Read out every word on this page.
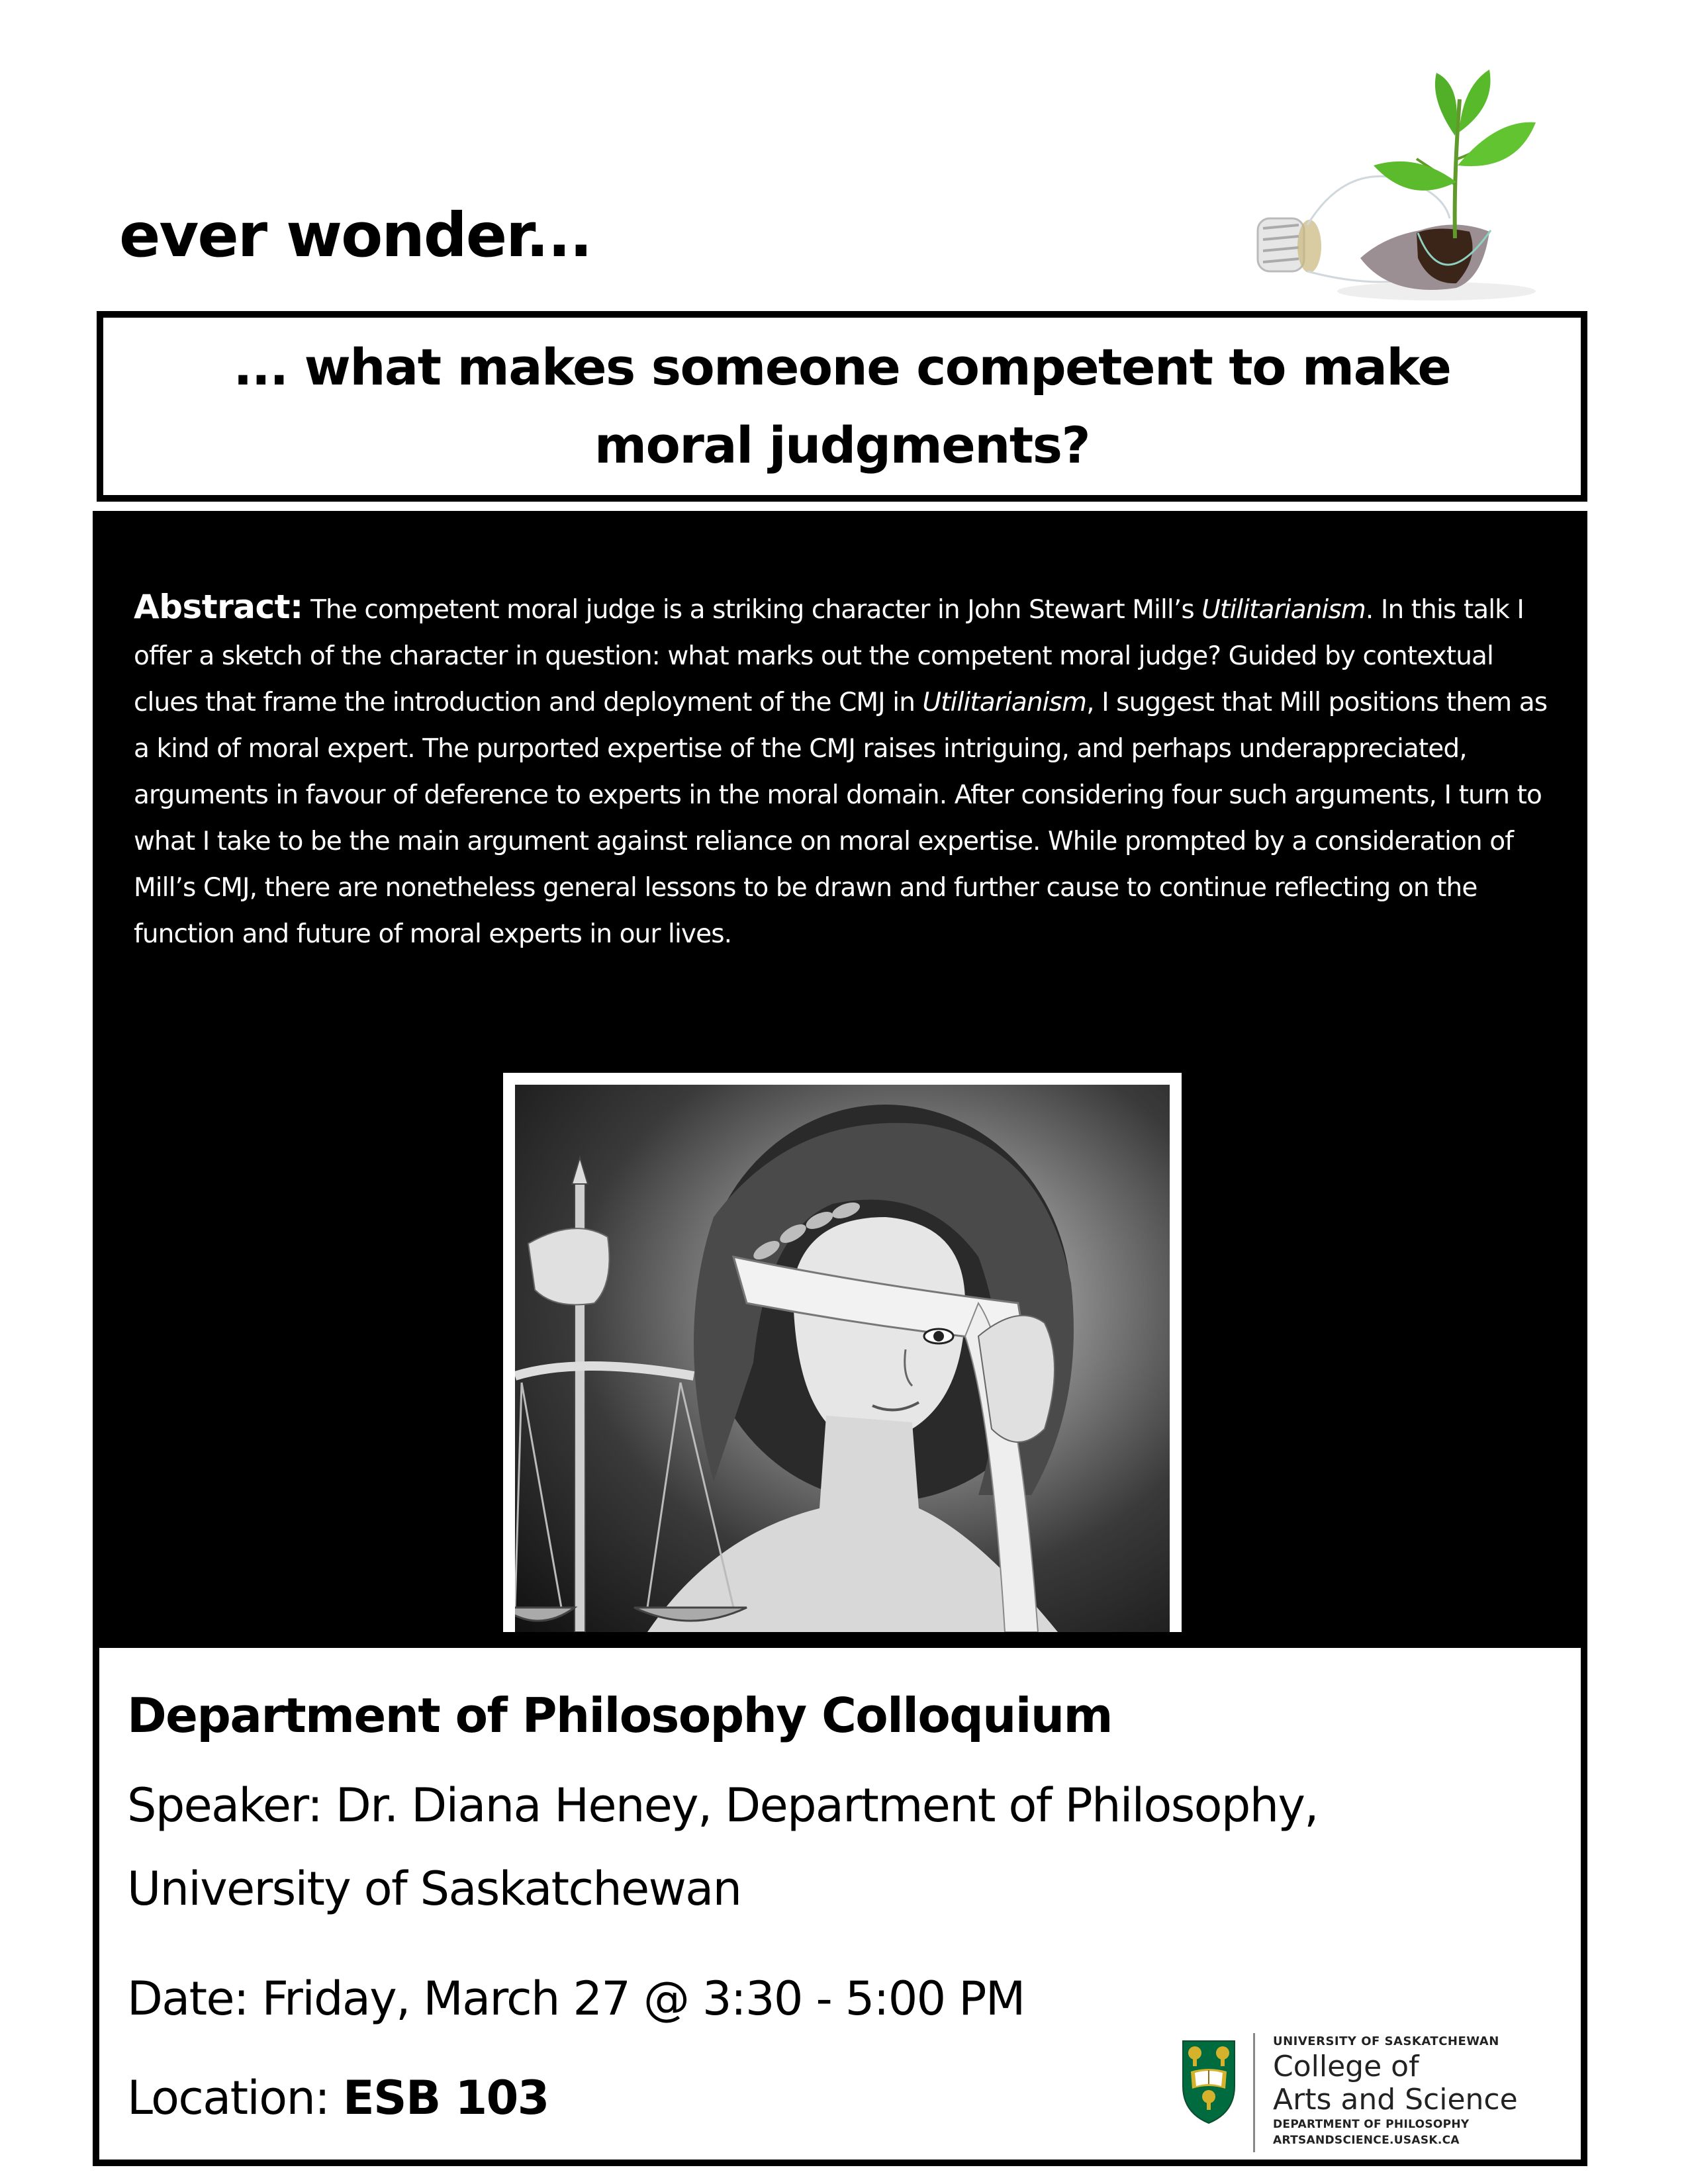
ever wonder...
... what makes someone competent to make moral judgments?

Abstract: The competent moral judge is a striking character in John Stewart Mill’s Utilitarianism. In this talk I offer a sketch of the character in question: what marks out the competent moral judge? Guided by contextual clues that frame the introduction and deployment of the CMJ in Utilitarianism, I suggest that Mill positions them as a kind of moral expert. The purported expertise of the CMJ raises intriguing, and perhaps underappreciated, arguments in favour of deference to experts in the moral domain. After considering four such arguments, I turn to what I take to be the main argument against reliance on moral expertise. While prompted by a consideration of Mill’s CMJ, there are nonetheless general lessons to be drawn and further cause to continue reflecting on the function and future of moral experts in our lives.

Department of Philosophy Colloquium
Speaker: Dr. Diana Heney, Department of Philosophy,
University of Saskatchewan
Date: Friday, March 27 @ 3:30 - 5:00 PM
Location: ESB 103
UNIVERSITY OF SASKATCHEWAN
College of
Arts and Science
DEPARTMENT OF PHILOSOPHY
ARTSANDSCIENCE.USASK.CA
